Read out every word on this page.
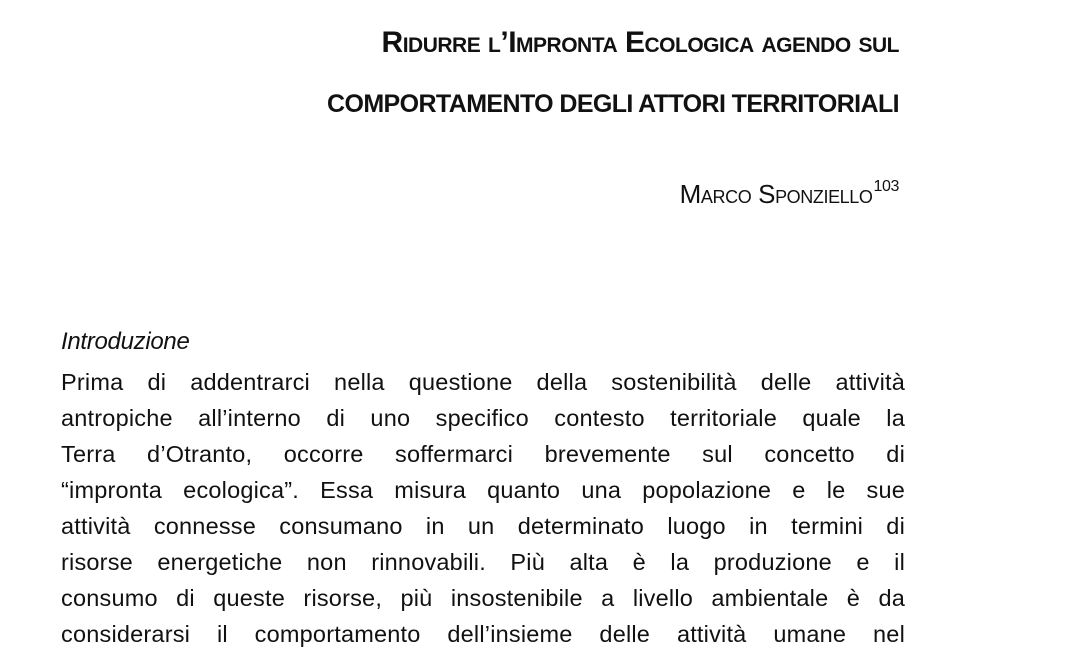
Ridurre l’Impronta Ecologica agendo sul

COMPORTAMENTO DEGLI ATTORI TERRITORIALI

Marco Sponziello$^{103}$

Introduzione

Prima di addentrarci nella questione della sostenibilità delle attività
antropiche all’interno di uno specifico contesto territoriale quale la
Terra d’Otranto, occorre soffermarci brevemente sul concetto di
“impronta ecologica”. Essa misura quanto una popolazione e le sue
attività connesse consumano in un determinato luogo in termini di
risorse energetiche non rinnovabili. Più alta è la produzione e il
consumo di queste risorse, più insostenibile a livello ambientale è da
considerarsi il comportamento dell’insieme delle attività umane nel
